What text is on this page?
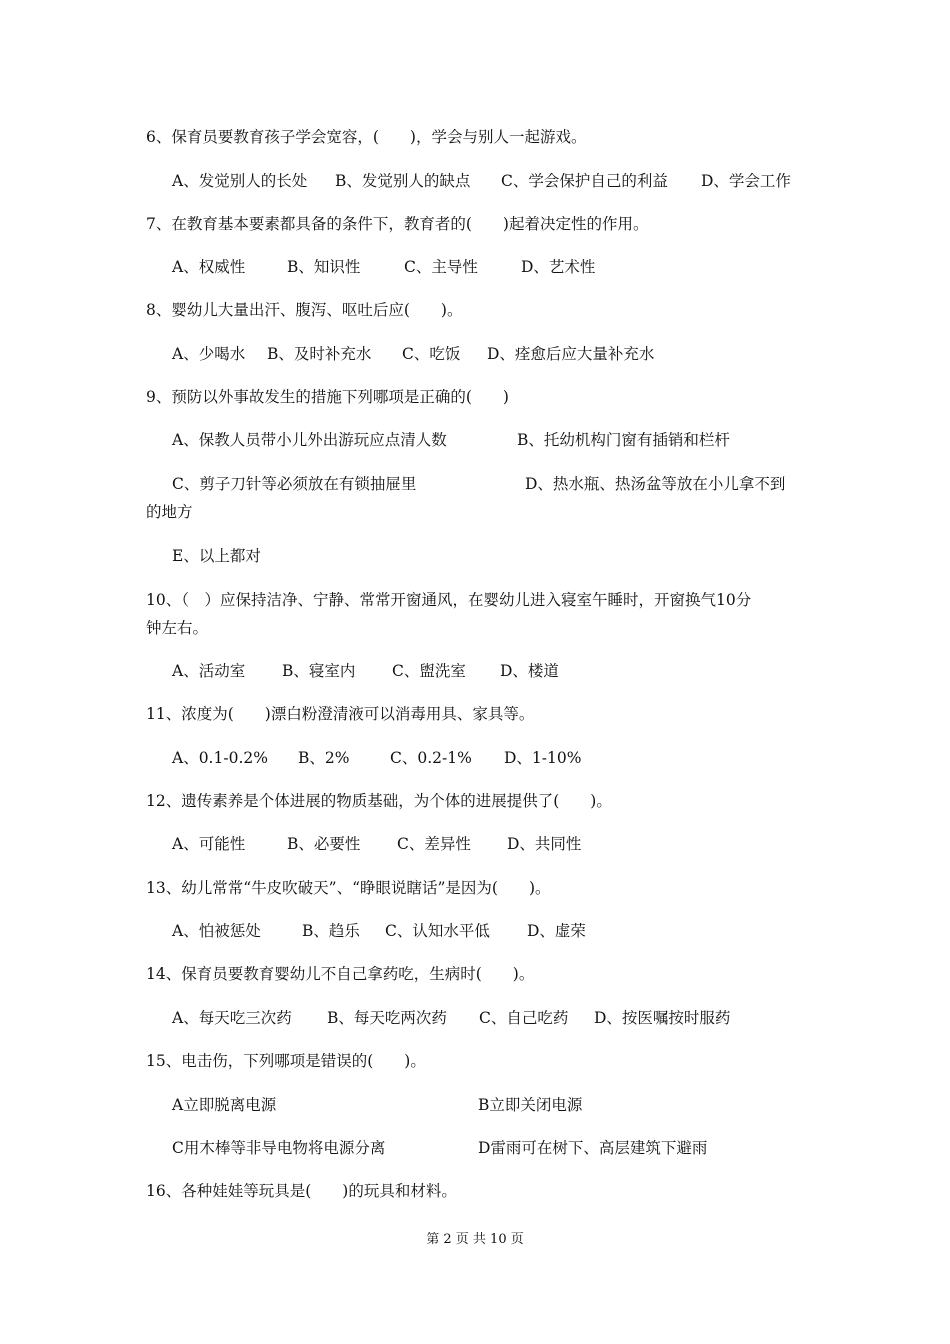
6、保育员要教育孩子学会宽容，(　　)，学会与别人一起游戏。
A、发觉别人的长处 B、发觉别人的缺点 C、学会保护自己的利益 D、学会工作
7、在教育基本要素都具备的条件下，教育者的(　　)起着决定性的作用。
A、权威性	B、知识性	C、主导性	D、艺术性
8、婴幼儿大量出汗、腹泻、呕吐后应(　　)。
A、少喝水 B、及时补充水 C、吃饭 D、痊愈后应大量补充水
9、预防以外事故发生的措施下列哪项是正确的(　　)
A、保教人员带小儿外出游玩应点清人数	B、托幼机构门窗有插销和栏杆
C、剪子刀针等必须放在有锁抽屉里	D、热水瓶、热汤盆等放在小儿拿不到
的地方
E、以上都对
10、（　）应保持洁净、宁静、常常开窗通风，在婴幼儿进入寝室午睡时，开窗换气10分
钟左右。
A、活动室 B、寝室内 C、盥洗室 D、楼道
11、浓度为(　　)漂白粉澄清液可以消毒用具、家具等。
A、0.1-0.2% B、2%	C、0.2-1% D、1-10%
12、遗传素养是个体进展的物质基础，为个体的进展提供了(　　)。
A、可能性	B、必要性 C、差异性 D、共同性
13、幼儿常常“牛皮吹破天”、“睁眼说瞎话”是因为(　　)。
A、怕被惩处	B、趋乐 C、认知水平低 D、虚荣
14、保育员要教育婴幼儿不自己拿药吃，生病时(　　)。
A、每天吃三次药 B、每天吃两次药 C、自己吃药 D、按医嘱按时服药
15、电击伤，下列哪项是错误的(　　)。
A立即脱离电源	B立即关闭电源
C用木棒等非导电物将电源分离	D雷雨可在树下、高层建筑下避雨
16、各种娃娃等玩具是(　　)的玩具和材料。
第 2 页 共 10 页
